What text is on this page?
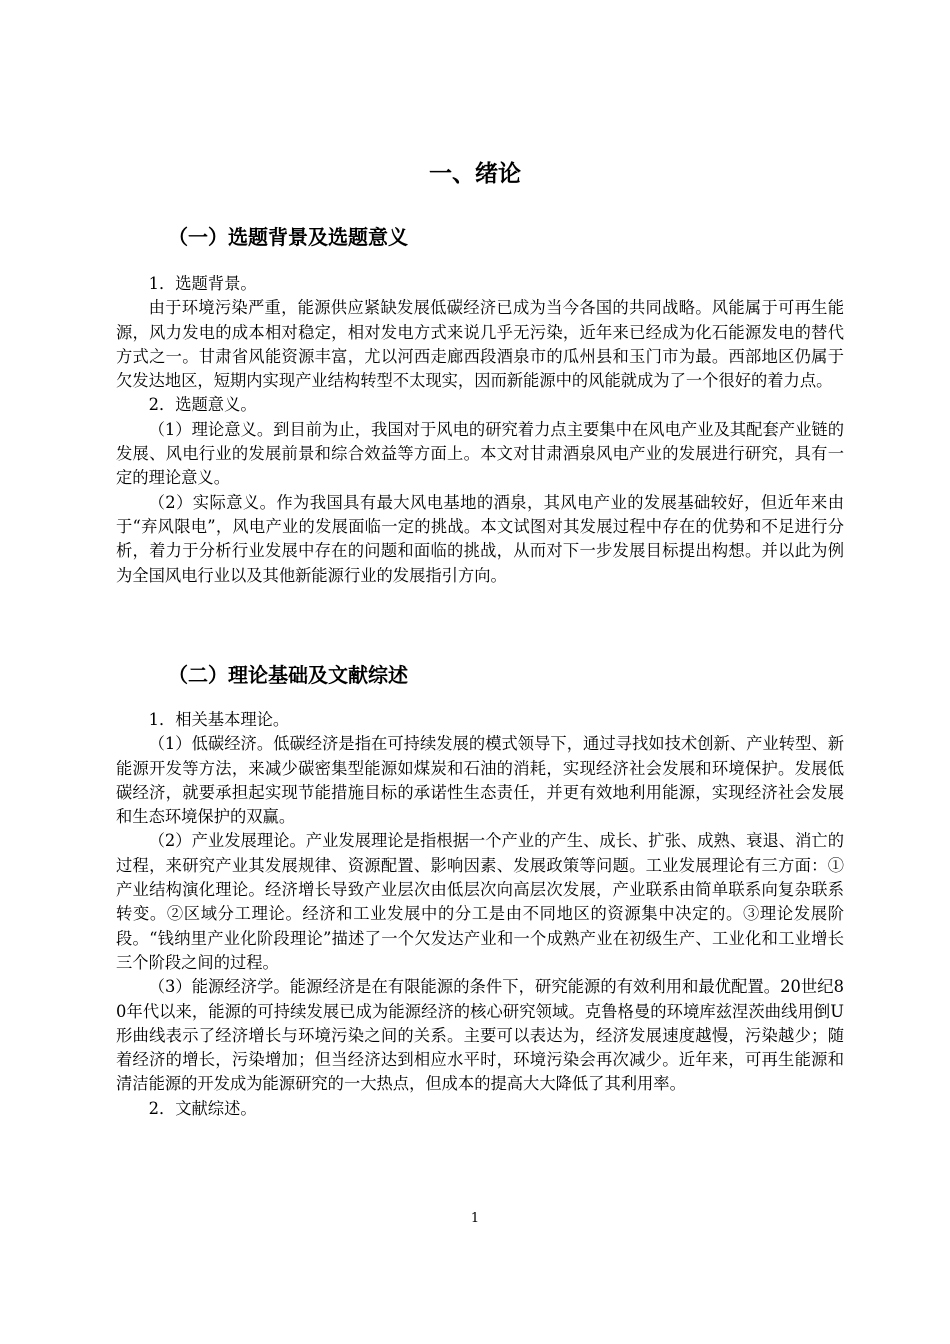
一、绪论
（一）选题背景及选题意义

1．选题背景。

由于环境污染严重，能源供应紧缺发展低碳经济已成为当今各国的共同战略。风能属于可再生能源，风力发电的成本相对稳定，相对发电方式来说几乎无污染，近年来已经成为化石能源发电的替代方式之一。甘肃省风能资源丰富，尤以河西走廊西段酒泉市的瓜州县和玉门市为最。西部地区仍属于欠发达地区，短期内实现产业结构转型不太现实，因而新能源中的风能就成为了一个很好的着力点。

2．选题意义。

（1）理论意义。到目前为止，我国对于风电的研究着力点主要集中在风电产业及其配套产业链的发展、风电行业的发展前景和综合效益等方面上。本文对甘肃酒泉风电产业的发展进行研究，具有一定的理论意义。

（2）实际意义。作为我国具有最大风电基地的酒泉，其风电产业的发展基础较好，但近年来由于“弃风限电”，风电产业的发展面临一定的挑战。本文试图对其发展过程中存在的优势和不足进行分析，着力于分析行业发展中存在的问题和面临的挑战，从而对下一步发展目标提出构想。并以此为例为全国风电行业以及其他新能源行业的发展指引方向。

（二）理论基础及文献综述

1．相关基本理论。

（1）低碳经济。低碳经济是指在可持续发展的模式领导下，通过寻找如技术创新、产业转型、新能源开发等方法，来减少碳密集型能源如煤炭和石油的消耗，实现经济社会发展和环境保护。发展低碳经济，就要承担起实现节能措施目标的承诺性生态责任，并更有效地利用能源，实现经济社会发展和生态环境保护的双赢。

（2）产业发展理论。产业发展理论是指根据一个产业的产生、成长、扩张、成熟、衰退、消亡的过程，来研究产业其发展规律、资源配置、影响因素、发展政策等问题。工业发展理论有三方面：①产业结构演化理论。经济增长导致产业层次由低层次向高层次发展，产业联系由简单联系向复杂联系转变。②区域分工理论。经济和工业发展中的分工是由不同地区的资源集中决定的。③理论发展阶段。“钱纳里产业化阶段理论”描述了一个欠发达产业和一个成熟产业在初级生产、工业化和工业增长三个阶段之间的过程。

（3）能源经济学。能源经济是在有限能源的条件下，研究能源的有效利用和最优配置。20世纪80年代以来，能源的可持续发展已成为能源经济的核心研究领域。克鲁格曼的环境库兹涅茨曲线用倒U形曲线表示了经济增长与环境污染之间的关系。主要可以表达为，经济发展速度越慢，污染越少；随着经济的增长，污染增加；但当经济达到相应水平时，环境污染会再次减少。近年来，可再生能源和清洁能源的开发成为能源研究的一大热点，但成本的提高大大降低了其利用率。

2．文献综述。

1
